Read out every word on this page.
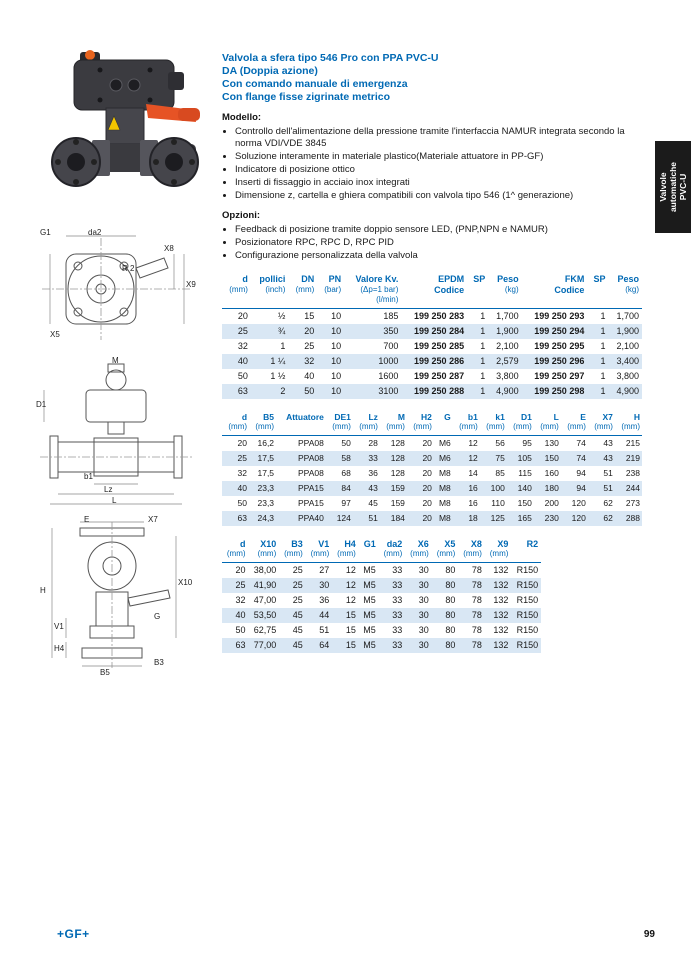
Valvole automatiche PVC-U
G1	da2
X8
X9
R 2
X5
M
D1
b1
Lz
L
E	X7
H
X10
V1
H4
G
B3
B5
Valvola a sfera tipo 546 Pro con PPA PVC-U
DA (Doppia azione)
Con comando manuale di emergenza
Con flange fisse zigrinate metrico
Modello:
• Controllo dell'alimentazione della pressione tramite l'interfaccia NAMUR integrata secondo la norma VDI/VDE 3845
• Soluzione interamente in materiale plastico(Materiale attuatore in PP-GF)
• Indicatore di posizione ottico
• Inserti di fissaggio in acciaio inox integrati
• Dimensione z, cartella e ghiera compatibili con valvola tipo 546 (1^ generazione)
Opzioni:
• Feedback di posizione tramite doppio sensore LED, (PNP,NPN e NAMUR)
• Posizionatore RPC, RPC D, RPC PID
• Configurazione personalizzata della valvola
d
(mm)

pollici
(inch)

DN
(mm)

PN
(bar)

Valore Kv.
(Δp=1 bar)
(l/min)

EPDM
Codice

SP	Peso
(kg)

FKM
Codice

SP	Peso
(kg)

20	½	15	10	185	199 250 283	1	1,700	199 250 293	1	1,700
25	¾	20	10	350	199 250 284	1	1,900	199 250 294	1	1,900
32	1	25	10	700	199 250 285	1	2,100	199 250 295	1	2,100
40	1 ¼	32	10	1000	199 250 286	1	2,579	199 250 296	1	3,400
50	1 ½	40	10	1600	199 250 287	1	3,800	199 250 297	1	3,800
63	2	50	10	3100	199 250 288	1	4,900	199 250 298	1	4,900
d
(mm)

B5
(mm)

Attuatore	DE1
(mm)

Lz
(mm)

M
(mm)

H2
(mm)

G	b1
(mm)

k1
(mm)

D1
(mm)

L
(mm)

E
(mm)

X7
(mm)

H
(mm)

20	16,2	PPA08	50	28	128	20	M6	12	56	95	130	74	43	215
25	17,5	PPA08	58	33	128	20	M6	12	75	105	150	74	43	219
32	17,5	PPA08	68	36	128	20	M8	14	85	115	160	94	51	238
40	23,3	PPA15	84	43	159	20	M8	16	100	140	180	94	51	244
50	23,3	PPA15	97	45	159	20	M8	16	110	150	200	120	62	273
63	24,3	PPA40	124	51	184	20	M8	18	125	165	230	120	62	288
d
(mm)

X10
(mm)

B3
(mm)

V1
(mm)

H4
(mm)

G1	da2
(mm)

X6
(mm)

X5
(mm)

X8
(mm)

X9
(mm)

R2

20	38,00	25	27	12	M5	33	30	80	78	132	R150
25	41,90	25	30	12	M5	33	30	80	78	132	R150
32	47,00	25	36	12	M5	33	30	80	78	132	R150
40	53,50	45	44	15	M5	33	30	80	78	132	R150
50	62,75	45	51	15	M5	33	30	80	78	132	R150
63	77,00	45	64	15	M5	33	30	80	78	132	R150
+GF+	99
